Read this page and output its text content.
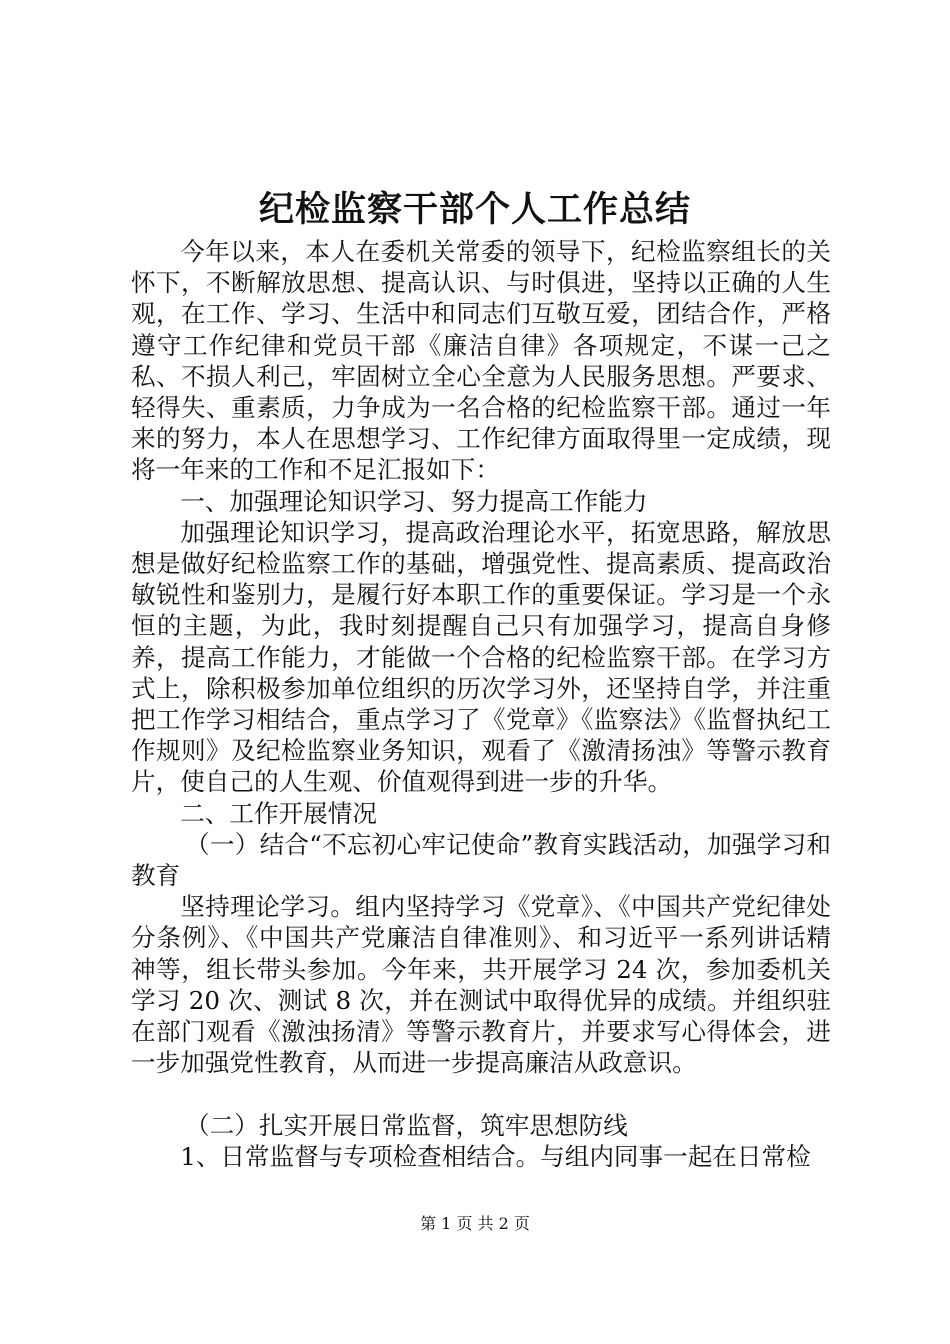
纪检监察干部个人工作总结

今年以来，本人在委机关常委的领导下，纪检监察组长的关怀下，不断解放思想、提高认识、与时俱进，坚持以正确的人生观，在工作、学习、生活中和同志们互敬互爱，团结合作，严格遵守工作纪律和党员干部《廉洁自律》各项规定，不谋一己之私、不损人利己，牢固树立全心全意为人民服务思想。严要求、轻得失、重素质，力争成为一名合格的纪检监察干部。通过一年来的努力，本人在思想学习、工作纪律方面取得里一定成绩，现将一年来的工作和不足汇报如下：

一、加强理论知识学习、努力提高工作能力

加强理论知识学习，提高政治理论水平，拓宽思路，解放思想是做好纪检监察工作的基础，增强党性、提高素质、提高政治敏锐性和鉴别力，是履行好本职工作的重要保证。学习是一个永恒的主题，为此，我时刻提醒自己只有加强学习，提高自身修养，提高工作能力，才能做一个合格的纪检监察干部。在学习方式上，除积极参加单位组织的历次学习外，还坚持自学，并注重把工作学习相结合，重点学习了《党章》《监察法》《监督执纪工作规则》及纪检监察业务知识，观看了《激清扬浊》等警示教育片，使自己的人生观、价值观得到进一步的升华。

二、工作开展情况

（一）结合“不忘初心牢记使命”教育实践活动，加强学习和教育

坚持理论学习。组内坚持学习《党章》、《中国共产党纪律处分条例》、《中国共产党廉洁自律准则》、和习近平一系列讲话精神等，组长带头参加。今年来，共开展学习 24 次，参加委机关学习 20 次、测试 8 次，并在测试中取得优异的成绩。并组织驻在部门观看《激浊扬清》等警示教育片，并要求写心得体会，进一步加强党性教育，从而进一步提高廉洁从政意识。

（二）扎实开展日常监督，筑牢思想防线

1、日常监督与专项检查相结合。与组内同事一起在日常检

第 1 页 共 2 页
